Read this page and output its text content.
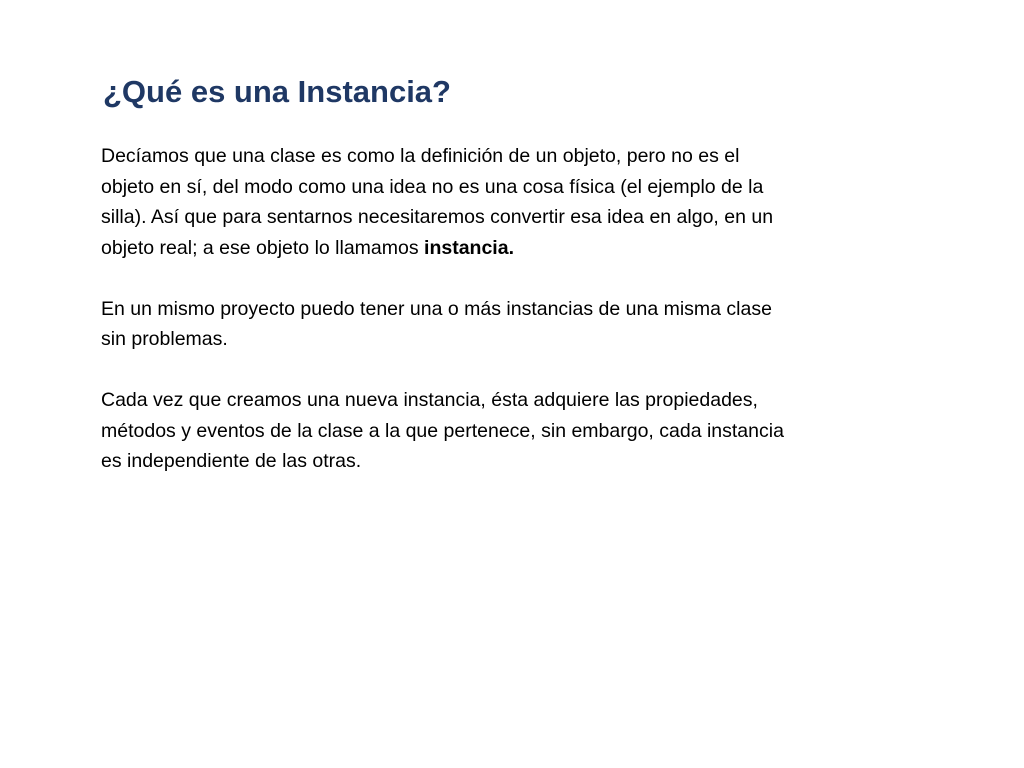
¿Qué es una Instancia?

Decíamos que una clase es como la definición de un objeto, pero no es el
objeto en sí, del modo como una idea no es una cosa física (el ejemplo de la
silla). Así que para sentarnos necesitaremos convertir esa idea en algo, en un
objeto real; a ese objeto lo llamamos instancia.

En un mismo proyecto puedo tener una o más instancias de una misma clase
sin problemas.

Cada vez que creamos una nueva instancia, ésta adquiere las propiedades,
métodos y eventos de la clase a la que pertenece, sin embargo, cada instancia
es independiente de las otras.
